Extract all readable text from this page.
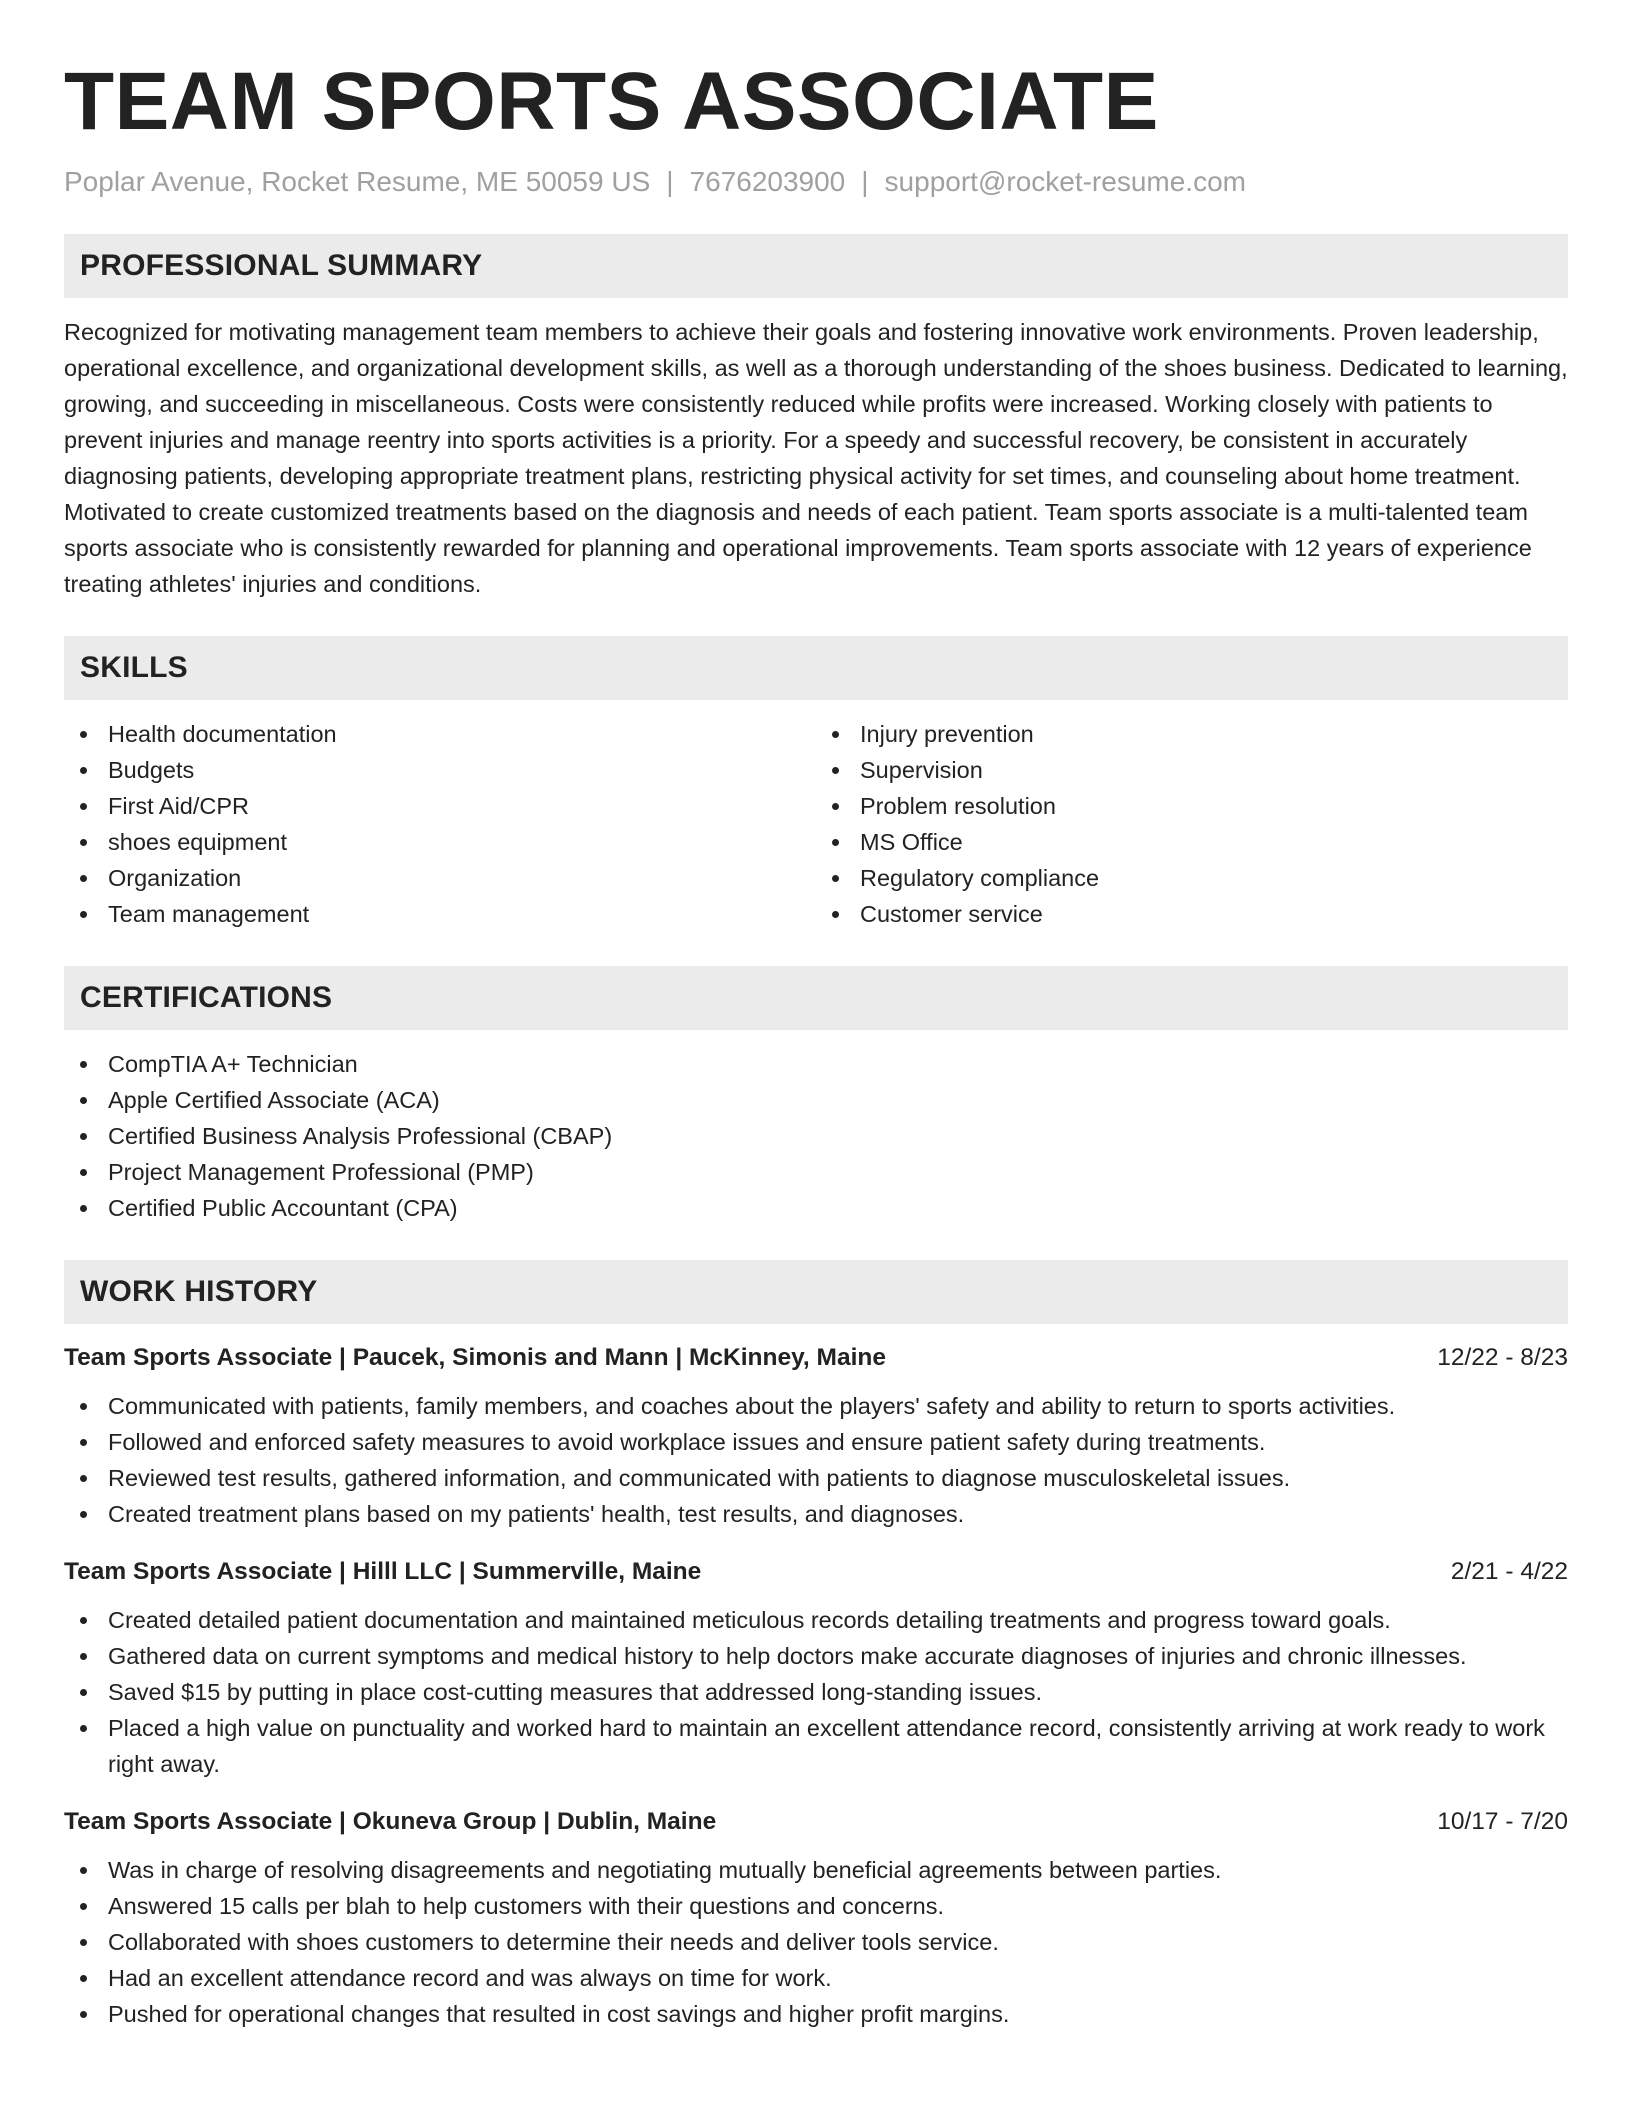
TEAM SPORTS ASSOCIATE
Poplar Avenue, Rocket Resume, ME 50059 US | 7676203900 | support@rocket-resume.com
PROFESSIONAL SUMMARY

Recognized for motivating management team members to achieve their goals and fostering innovative work environments. Proven leadership, operational excellence, and organizational development skills, as well as a thorough understanding of the shoes business. Dedicated to learning, growing, and succeeding in miscellaneous. Costs were consistently reduced while profits were increased. Working closely with patients to prevent injuries and manage reentry into sports activities is a priority. For a speedy and successful recovery, be consistent in accurately diagnosing patients, developing appropriate treatment plans, restricting physical activity for set times, and counseling about home treatment. Motivated to create customized treatments based on the diagnosis and needs of each patient. Team sports associate is a multi-talented team sports associate who is consistently rewarded for planning and operational improvements. Team sports associate with 12 years of experience treating athletes' injuries and conditions.

SKILLS
Health documentation
Budgets
First Aid/CPR
shoes equipment
Organization
Team management
Injury prevention
Supervision
Problem resolution
MS Office
Regulatory compliance
Customer service
CERTIFICATIONS
CompTIA A+ Technician
Apple Certified Associate (ACA)
Certified Business Analysis Professional (CBAP)
Project Management Professional (PMP)
Certified Public Accountant (CPA)
WORK HISTORY
Team Sports Associate | Paucek, Simonis and Mann | McKinney, Maine	12/22 - 8/23
Communicated with patients, family members, and coaches about the players' safety and ability to return to sports activities.
Followed and enforced safety measures to avoid workplace issues and ensure patient safety during treatments.
Reviewed test results, gathered information, and communicated with patients to diagnose musculoskeletal issues.
Created treatment plans based on my patients' health, test results, and diagnoses.
Team Sports Associate | Hilll LLC | Summerville, Maine	2/21 - 4/22
Created detailed patient documentation and maintained meticulous records detailing treatments and progress toward goals.
Gathered data on current symptoms and medical history to help doctors make accurate diagnoses of injuries and chronic illnesses.
Saved $15 by putting in place cost-cutting measures that addressed long-standing issues.
Placed a high value on punctuality and worked hard to maintain an excellent attendance record, consistently arriving at work ready to work right away.
Team Sports Associate | Okuneva Group | Dublin, Maine	10/17 - 7/20
Was in charge of resolving disagreements and negotiating mutually beneficial agreements between parties.
Answered 15 calls per blah to help customers with their questions and concerns.
Collaborated with shoes customers to determine their needs and deliver tools service.
Had an excellent attendance record and was always on time for work.
Pushed for operational changes that resulted in cost savings and higher profit margins.
